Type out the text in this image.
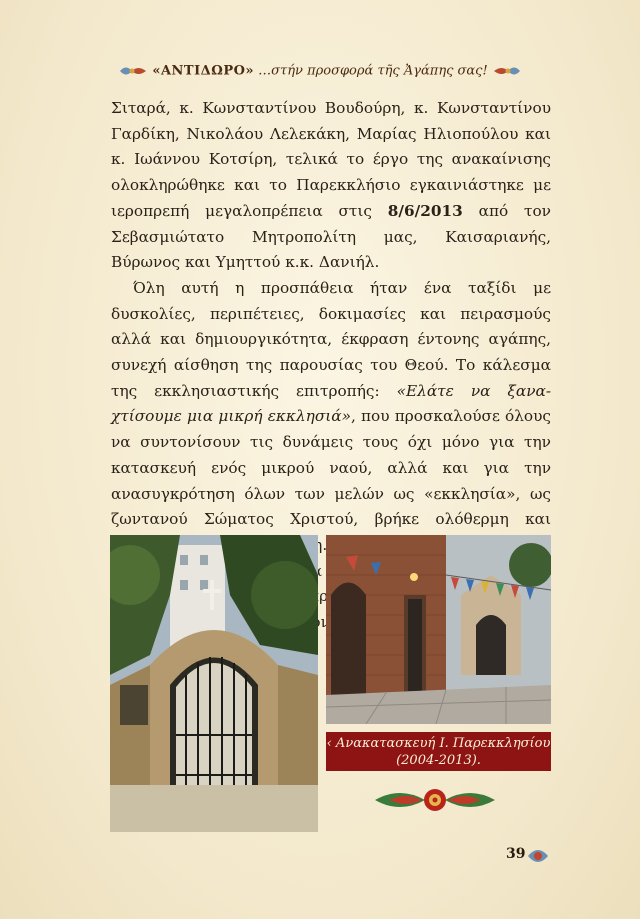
«ΑΝΤΙΔΩΡΟ» …στήν προσφορά τῆς Ἀγάπης σας!

Σιταρά, κ. Κωνσταντίνου Βουδούρη, κ. Κωνσταντίνου Γαρδίκη, Νικολάου Λελεκάκη, Μαρίας Ηλιοπούλου και κ. Ιωάννου Κοτσίρη, τελικά το έργο της ανακαίνισης ολοκληρώθηκε και το Παρεκκλήσιο εγκαινιάστηκε με ιεροπρεπή μεγαλοπρέπεια στις 8/6/2013 από τον Σεβασμιώτατο Μητροπολίτη μας, Καισαριανής, Βύρωνος και Υμηττού κ.κ. Δανιήλ.

Όλη αυτή η προσπάθεια ήταν ένα ταξίδι με δυσκολίες, περιπέτειες, δοκιμασίες και πειρασμούς αλλά και δημιουργικότητα, έκφραση έντονης αγάπης, συνεχή αίσθηση της παρουσίας του Θεού. Το κάλεσμα της εκκλησιαστικής επιτροπής: «Ελάτε να ξανα-χτίσουμε μια μικρή εκκλησιά», που προσκαλούσε όλους να συντονίσουν τις δυνάμεις τους όχι μόνο για την κατασκευή ενός μικρού ναού, αλλά και για την ανασυγκρότηση όλων των μελών ως «εκκλησία», ως ζωντανού Σώματος Χριστού, βρήκε ολόθερμη και

‹ Ανακατασκευή Ι. Παρεκκλησίου
(2004-2013).
39
